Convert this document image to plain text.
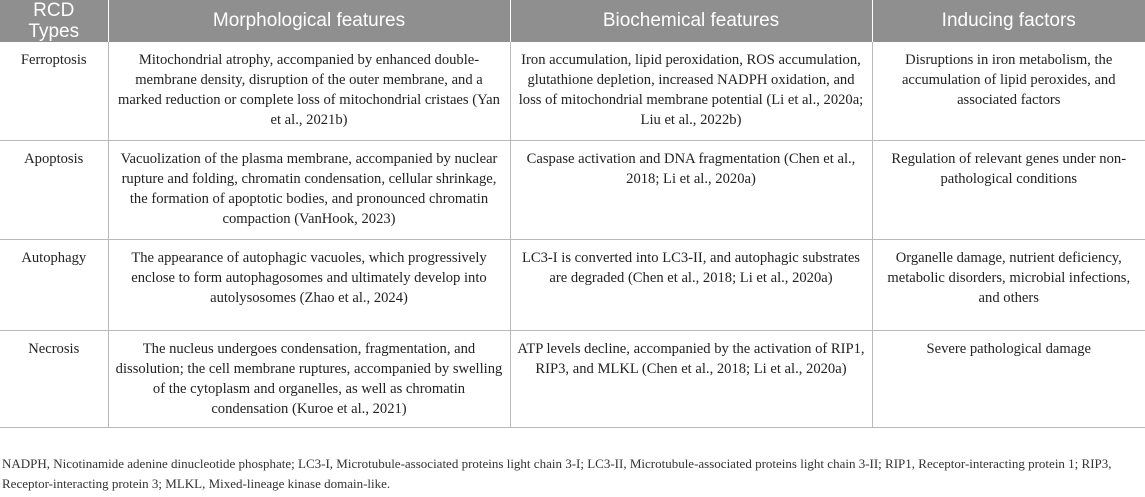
RCD Types	Morphological features	Biochemical features	Inducing factors
Ferroptosis	Mitochondrial atrophy, accompanied by enhanced double-membrane density, disruption of the outer membrane, and a marked reduction or complete loss of mitochondrial cristaes (Yan et al., 2021b)	Iron accumulation, lipid peroxidation, ROS accumulation, glutathione depletion, increased NADPH oxidation, and loss of mitochondrial membrane potential (Li et al., 2020a; Liu et al., 2022b)	Disruptions in iron metabolism, the accumulation of lipid peroxides, and associated factors
Apoptosis	Vacuolization of the plasma membrane, accompanied by nuclear rupture and folding, chromatin condensation, cellular shrinkage, the formation of apoptotic bodies, and pronounced chromatin compaction (VanHook, 2023)	Caspase activation and DNA fragmentation (Chen et al., 2018; Li et al., 2020a)	Regulation of relevant genes under non-pathological conditions
Autophagy	The appearance of autophagic vacuoles, which progressively enclose to form autophagosomes and ultimately develop into autolysosomes (Zhao et al., 2024)	LC3-I is converted into LC3-II, and autophagic substrates are degraded (Chen et al., 2018; Li et al., 2020a)	Organelle damage, nutrient deficiency, metabolic disorders, microbial infections, and others
Necrosis	The nucleus undergoes condensation, fragmentation, and dissolution; the cell membrane ruptures, accompanied by swelling of the cytoplasm and organelles, as well as chromatin condensation (Kuroe et al., 2021)	ATP levels decline, accompanied by the activation of RIP1, RIP3, and MLKL (Chen et al., 2018; Li et al., 2020a)	Severe pathological damage
NADPH, Nicotinamide adenine dinucleotide phosphate; LC3-I, Microtubule-associated proteins light chain 3-I; LC3-II, Microtubule-associated proteins light chain 3-II; RIP1, Receptor-interacting protein 1; RIP3, Receptor-interacting protein 3; MLKL, Mixed-lineage kinase domain-like.
